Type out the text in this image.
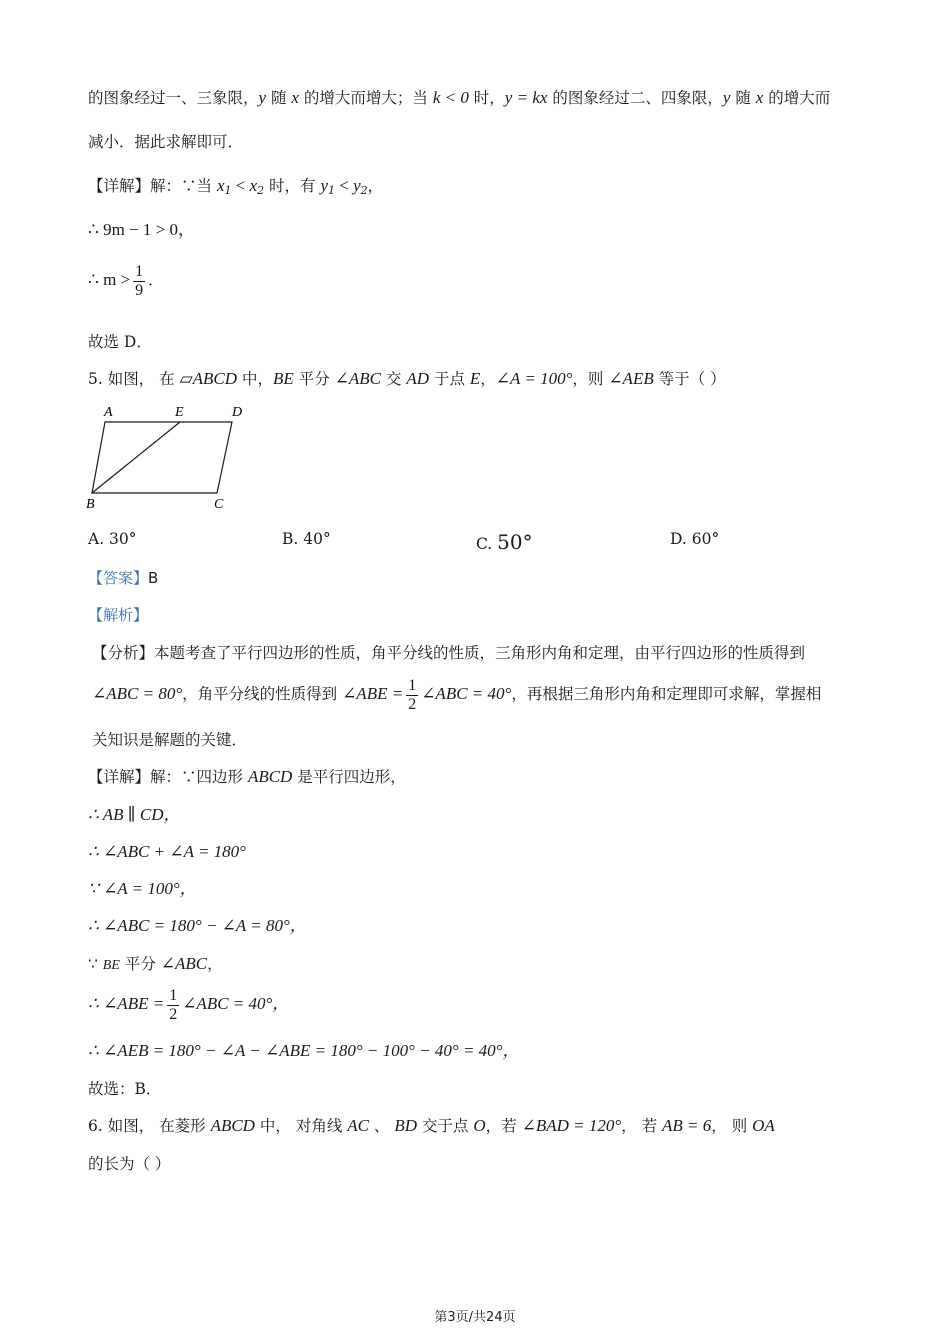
的图象经过一、三象限，y 随 x 的增大而增大；当 k < 0 时，y = kx 的图象经过二、四象限，y 随 x 的增大而
减小．据此求解即可．
【详解】解：∵当 $x_1 < x_2$ 时，有 $y_1 < y_2$，
∴ 9m − 1 > 0，
∴ $m > \frac{1}{9}$ ．
故选 D．
5. 如图， 在 ▱ABCD 中，BE 平分 ∠ABC 交 AD 于点 E，∠A = 100°，则 ∠AEB 等于（ ）
A	E	D
B	C
A. 30°	B. 40°	C. 50°	D. 60°
【答案】B
【解析】
【分析】本题考查了平行四边形的性质，角平分线的性质，三角形内角和定理，由平行四边形的性质得到
∠ABC = 80°，角平分线的性质得到 ∠ABE = $\frac{1}{2}$ ∠ABC = 40°，再根据三角形内角和定理即可求解，掌握相
关知识是解题的关键．
【详解】解：∵四边形 ABCD 是平行四边形，
∴ AB ∥ CD，
∴ ∠ABC + ∠A = 180°
∵ ∠A = 100°，
∴ ∠ABC = 180° − ∠A = 80°，
∵ BE 平分 ∠ABC，
∴ ∠ABE = $\frac{1}{2}$ ∠ABC = 40°，
∴ ∠AEB = 180° − ∠A − ∠ABE = 180° − 100° − 40° = 40°，
故选：B．
6. 如图， 在菱形 ABCD 中， 对角线 AC 、 BD 交于点 O，若 ∠BAD = 120°， 若 AB = 6， 则 OA
的长为（ ）
第3页/共24页
